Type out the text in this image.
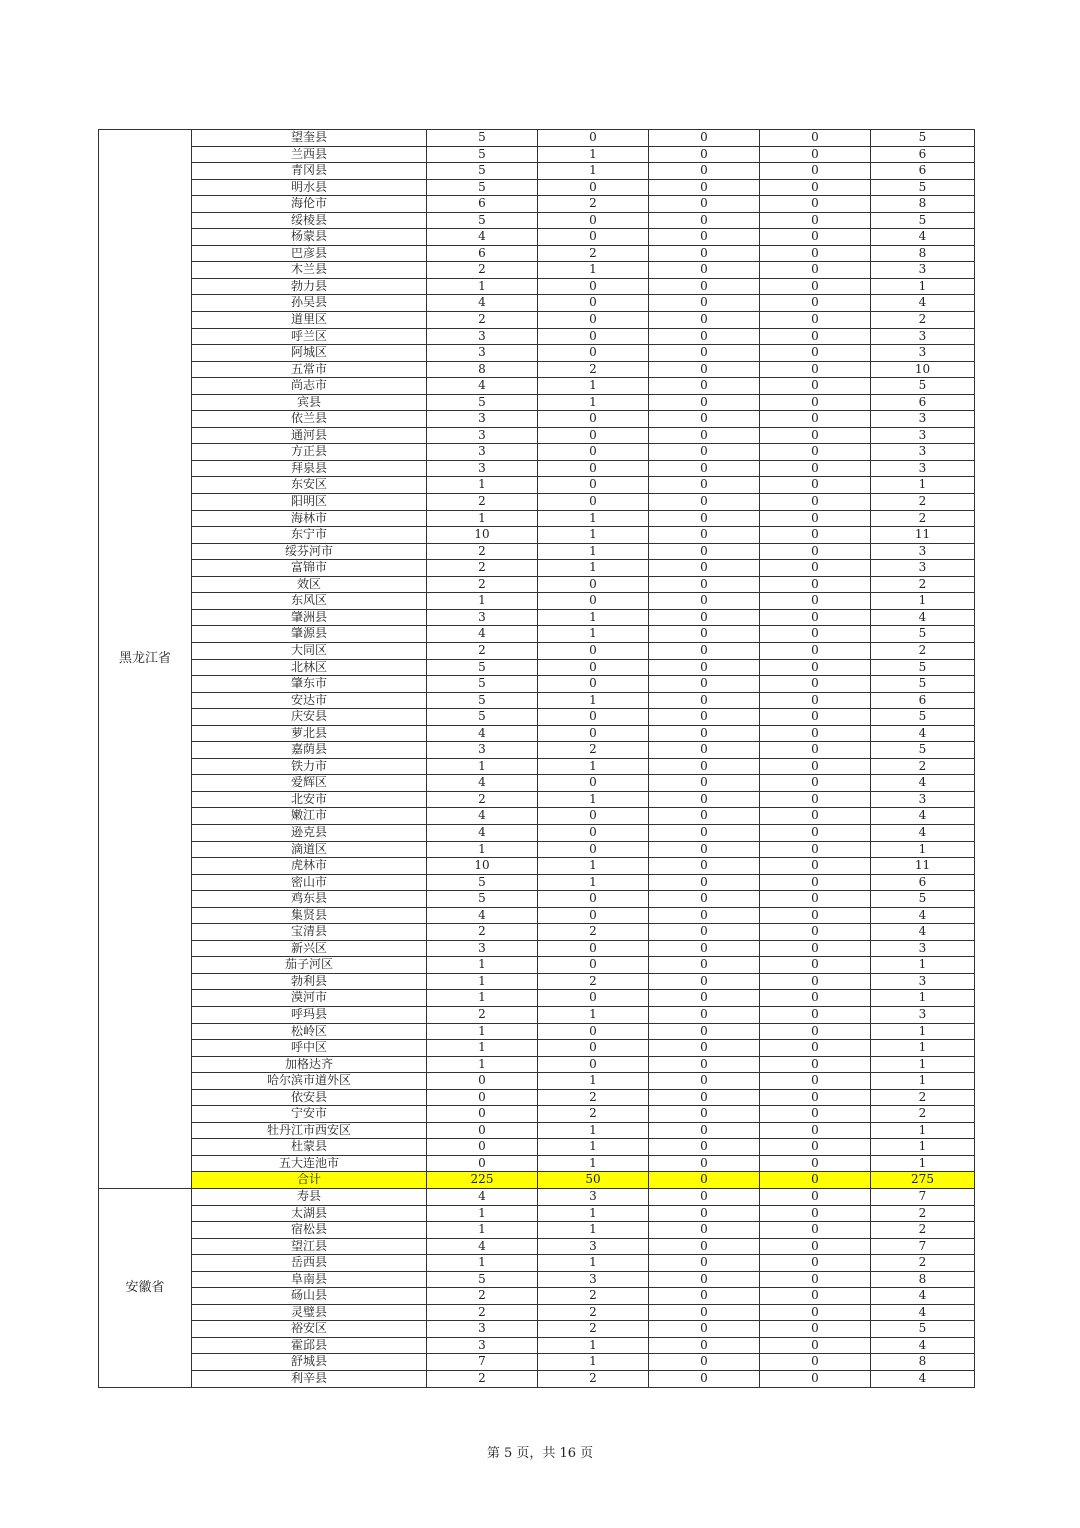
黑龙江省	望奎县	5	0	0	0	5
	兰西县	5	1	0	0	6
	青冈县	5	1	0	0	6
	明水县	5	0	0	0	5
	海伦市	6	2	0	0	8
	绥棱县	5	0	0	0	5
	杨蒙县	4	0	0	0	4
	巴彦县	6	2	0	0	8
	木兰县	2	1	0	0	3
	勃力县	1	0	0	0	1
	孙吴县	4	0	0	0	4
	道里区	2	0	0	0	2
	呼兰区	3	0	0	0	3
	阿城区	3	0	0	0	3
	五常市	8	2	0	0	10
	尚志市	4	1	0	0	5
	宾县	5	1	0	0	6
	依兰县	3	0	0	0	3
	通河县	3	0	0	0	3
	方正县	3	0	0	0	3
	拜泉县	3	0	0	0	3
	东安区	1	0	0	0	1
	阳明区	2	0	0	0	2
	海林市	1	1	0	0	2
	东宁市	10	1	0	0	11
	绥芬河市	2	1	0	0	3
	富锦市	2	1	0	0	3
	效区	2	0	0	0	2
	东风区	1	0	0	0	1
	肇洲县	3	1	0	0	4
	肇源县	4	1	0	0	5
	大同区	2	0	0	0	2
	北林区	5	0	0	0	5
	肇东市	5	0	0	0	5
	安达市	5	1	0	0	6
	庆安县	5	0	0	0	5
	萝北县	4	0	0	0	4
	嘉荫县	3	2	0	0	5
	铁力市	1	1	0	0	2
	爱辉区	4	0	0	0	4
	北安市	2	1	0	0	3
	嫩江市	4	0	0	0	4
	逊克县	4	0	0	0	4
	滴道区	1	0	0	0	1
	虎林市	10	1	0	0	11
	密山市	5	1	0	0	6
	鸡东县	5	0	0	0	5
	集贤县	4	0	0	0	4
	宝清县	2	2	0	0	4
	新兴区	3	0	0	0	3
	茄子河区	1	0	0	0	1
	勃利县	1	2	0	0	3
	漠河市	1	0	0	0	1
	呼玛县	2	1	0	0	3
	松岭区	1	0	0	0	1
	呼中区	1	0	0	0	1
	加格达齐	1	0	0	0	1
	哈尔滨市道外区	0	1	0	0	1
	依安县	0	2	0	0	2
	宁安市	0	2	0	0	2
	牡丹江市西安区	0	1	0	0	1
	杜蒙县	0	1	0	0	1
	五大连池市	0	1	0	0	1
	合计	225	50	0	0	275
安徽省	寿县	4	3	0	0	7
	太湖县	1	1	0	0	2
	宿松县	1	1	0	0	2
	望江县	4	3	0	0	7
	岳西县	1	1	0	0	2
	阜南县	5	3	0	0	8
	砀山县	2	2	0	0	4
	灵璧县	2	2	0	0	4
	裕安区	3	2	0	0	5
	霍邱县	3	1	0	0	4
	舒城县	7	1	0	0	8
	利辛县	2	2	0	0	4
第 5 页，共 16 页
